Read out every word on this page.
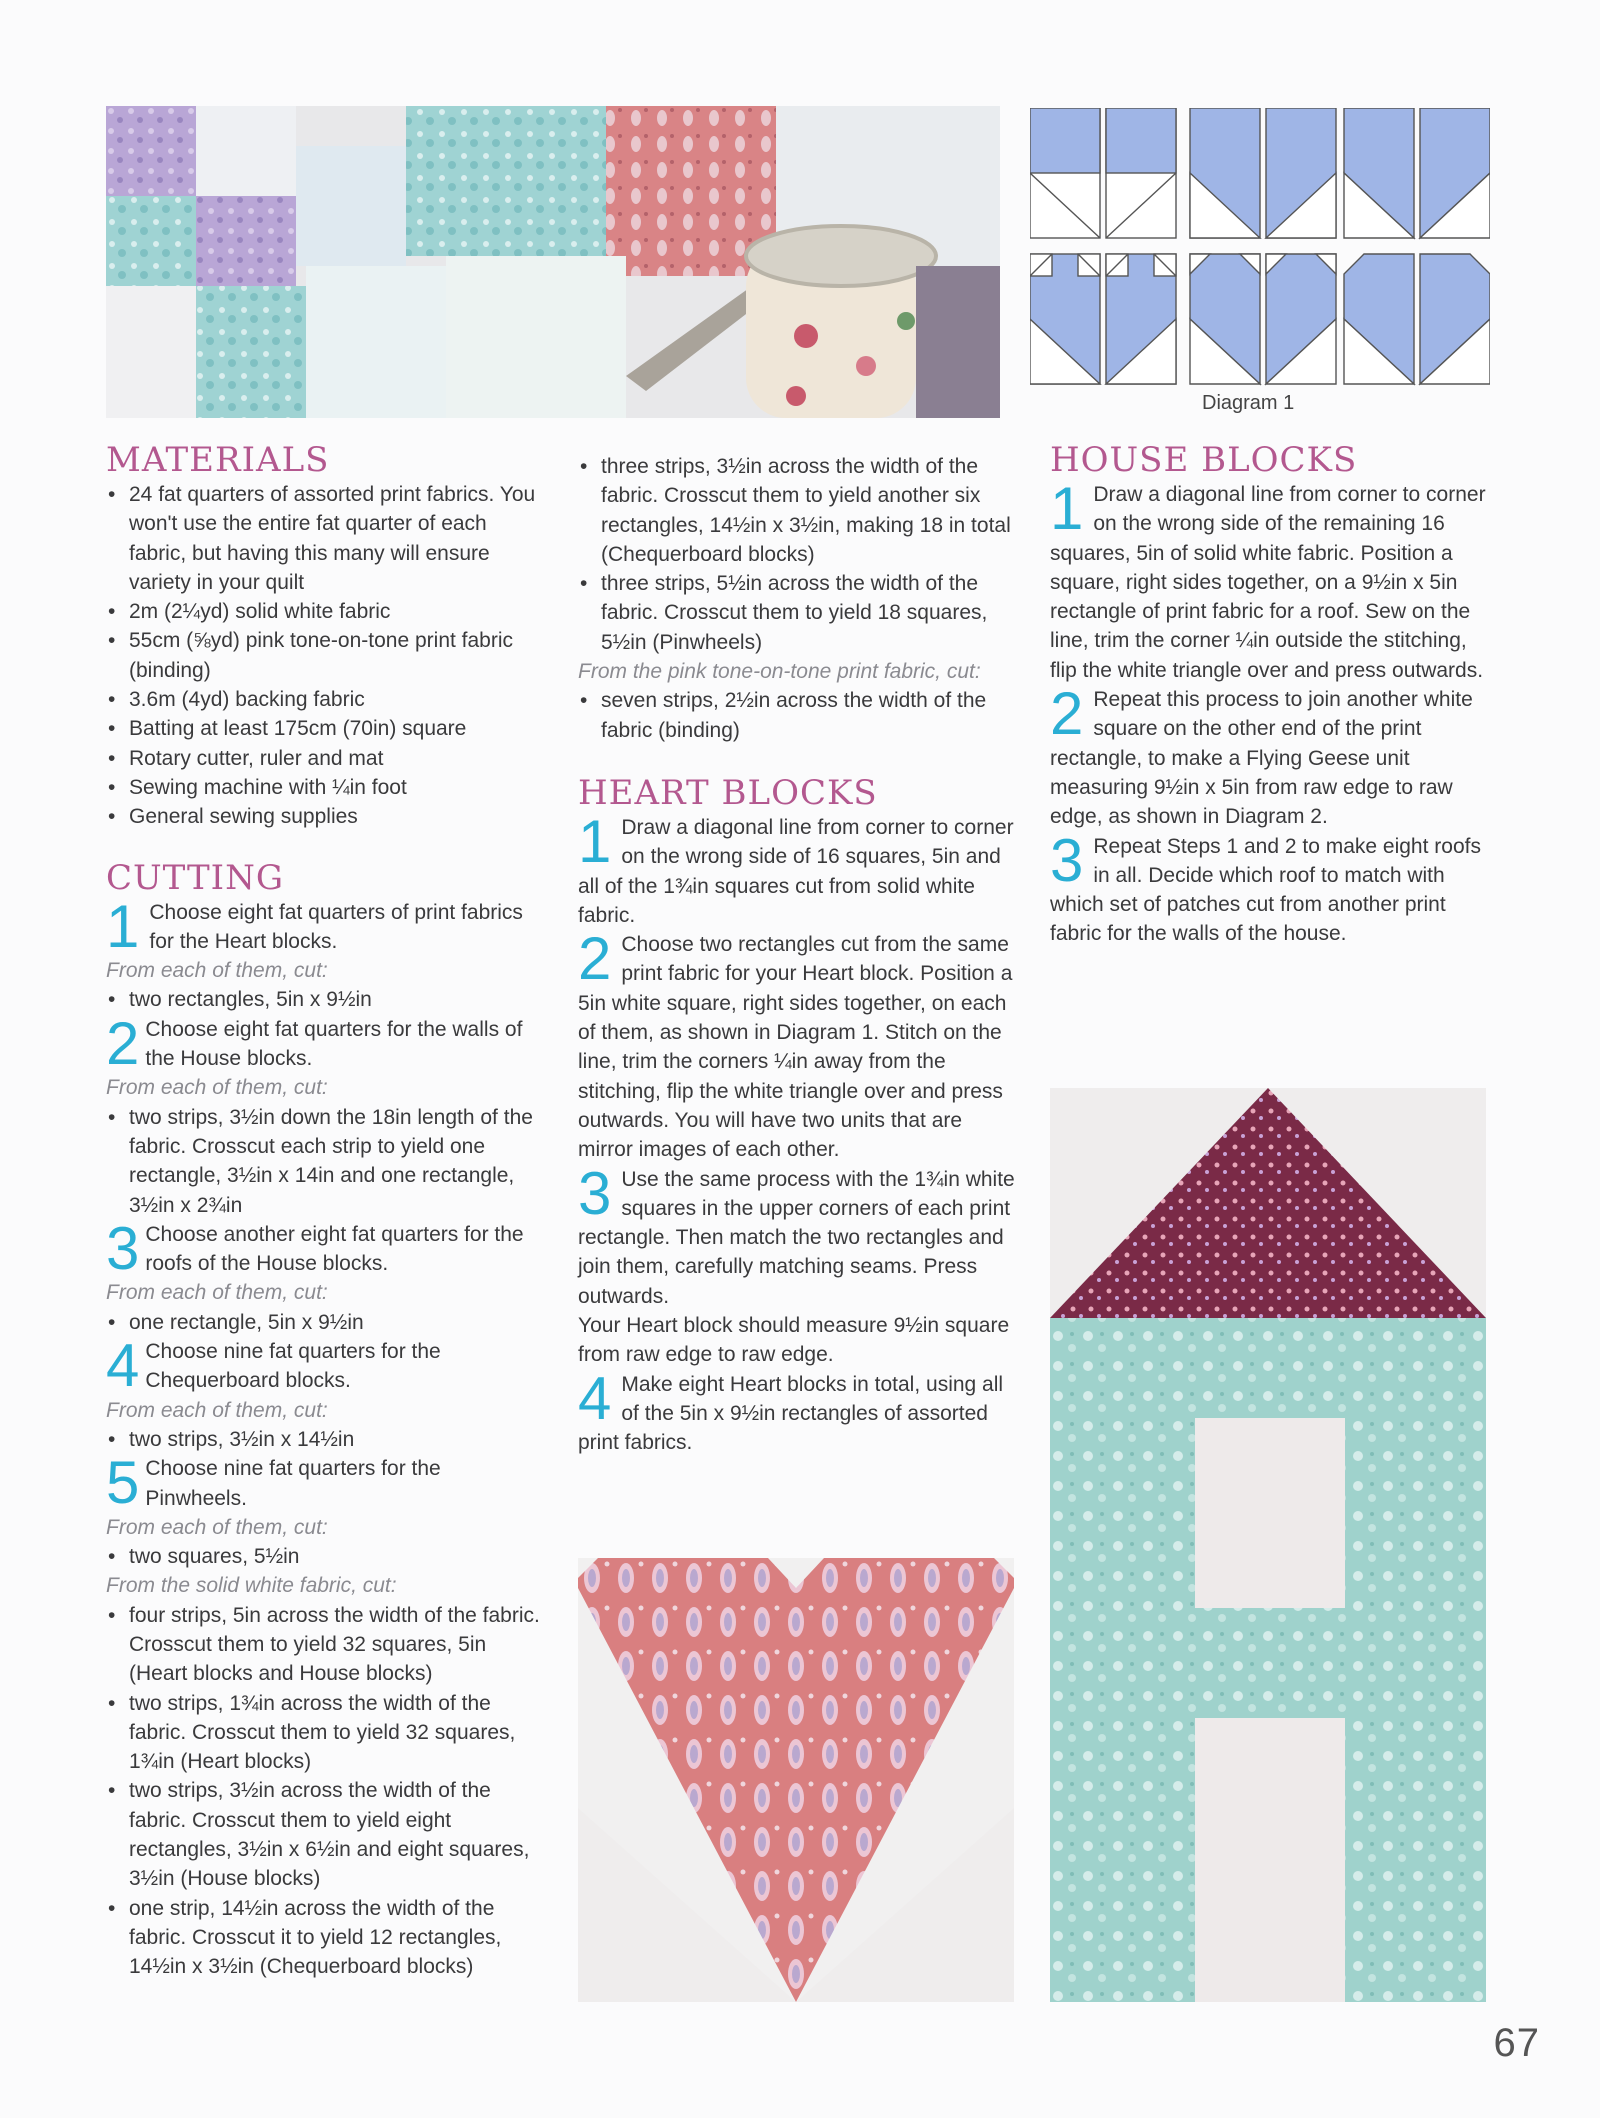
Diagram 1
MATERIALS
• 24 fat quarters of assorted print fabrics. You won't use the entire fat quarter of each fabric, but having this many will ensure variety in your quilt
• 2m (2¼yd) solid white fabric
• 55cm (⅝yd) pink tone-on-tone print fabric (binding)
• 3.6m (4yd) backing fabric
• Batting at least 175cm (70in) square
• Rotary cutter, ruler and mat
• Sewing machine with ¼in foot
• General sewing supplies
CUTTING
1 Choose eight fat quarters of print fabrics for the Heart blocks.

From each of them, cut:

• two rectangles, 5in x 9½in
2 Choose eight fat quarters for the walls of the House blocks.

From each of them, cut:

• two strips, 3½in down the 18in length of the fabric. Crosscut each strip to yield one rectangle, 3½in x 14in and one rectangle, 3½in x 2¾in
3 Choose another eight fat quarters for the roofs of the House blocks.

From each of them, cut:

• one rectangle, 5in x 9½in
4 Choose nine fat quarters for the Chequerboard blocks.

From each of them, cut:

• two strips, 3½in x 14½in
5 Choose nine fat quarters for the Pinwheels.

From each of them, cut:

• two squares, 5½in

From the solid white fabric, cut:

• four strips, 5in across the width of the fabric. Crosscut them to yield 32 squares, 5in (Heart blocks and House blocks)
• two strips, 1¾in across the width of the fabric. Crosscut them to yield 32 squares, 1¾in (Heart blocks)
• two strips, 3½in across the width of the fabric. Crosscut them to yield eight rectangles, 3½in x 6½in and eight squares, 3½in (House blocks)
• one strip, 14½in across the width of the fabric. Crosscut it to yield 12 rectangles, 14½in x 3½in (Chequerboard blocks)
• three strips, 3½in across the width of the fabric. Crosscut them to yield another six rectangles, 14½in x 3½in, making 18 in total (Chequerboard blocks)
• three strips, 5½in across the width of the fabric. Crosscut them to yield 18 squares, 5½in (Pinwheels)

From the pink tone-on-tone print fabric, cut:

• seven strips, 2½in across the width of the fabric (binding)
HEART BLOCKS
1 Draw a diagonal line from corner to corner on the wrong side of 16 squares, 5in and all of the 1¾in squares cut from solid white fabric.
2 Choose two rectangles cut from the same print fabric for your Heart block. Position a 5in white square, right sides together, on each of them, as shown in Diagram 1. Stitch on the line, trim the corners ¼in away from the stitching, flip the white triangle over and press outwards. You will have two units that are mirror images of each other.
3 Use the same process with the 1¾in white squares in the upper corners of each print rectangle. Then match the two rectangles and join them, carefully matching seams. Press outwards.

Your Heart block should measure 9½in square from raw edge to raw edge.

4 Make eight Heart blocks in total, using all of the 5in x 9½in rectangles of assorted print fabrics.
HOUSE BLOCKS
1 Draw a diagonal line from corner to corner on the wrong side of the remaining 16 squares, 5in of solid white fabric. Position a square, right sides together, on a 9½in x 5in rectangle of print fabric for a roof. Sew on the line, trim the corner ¼in outside the stitching, flip the white triangle over and press outwards.
2 Repeat this process to join another white square on the other end of the print rectangle, to make a Flying Geese unit measuring 9½in x 5in from raw edge to raw edge, as shown in Diagram 2.
3 Repeat Steps 1 and 2 to make eight roofs in all. Decide which roof to match with which set of patches cut from another print fabric for the walls of the house.
67
